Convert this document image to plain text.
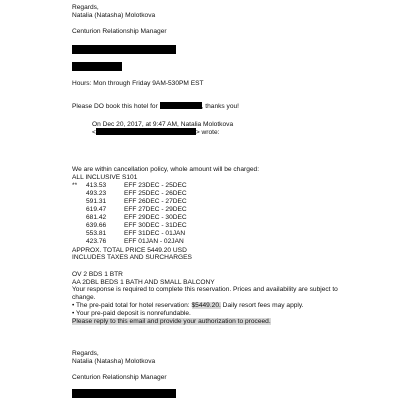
Regards,
Natalia (Natasha) Molotkova
Centurion Relationship Manager
Hours: Mon through Friday 9AM-530PM EST
Please DO book this hotel for	, thanks you!
On Dec 20, 2017, at 9:47 AM, Natalia Molotkova
<	> wrote:
We are within cancellation policy, whole amount will be charged:
ALL INCLUSIVE S101
** 413.53	EFF 23DEC - 25DEC
493.23	EFF 25DEC - 26DEC
591.31	EFF 26DEC - 27DEC
619.47	EFF 27DEC - 29DEC
681.42	EFF 29DEC - 30DEC
639.66	EFF 30DEC - 31DEC
553.81	EFF 31DEC - 01JAN
423.76	EFF 01JAN - 02JAN
APPROX. TOTAL PRICE 5449.20 USD
INCLUDES TAXES AND SURCHARGES
OV 2 BDS 1 BTR
AA 2DBL BEDS 1 BATH AND SMALL BALCONY
Your response is required to complete this reservation. Prices and availability are subject to
change.
• The pre-paid total for hotel reservation: $5449.20. Daily resort fees may apply.
• Your pre-paid deposit is nonrefundable.
Please reply to this email and provide your authorization to proceed.
Regards,
Natalia (Natasha) Molotkova
Centurion Relationship Manager
